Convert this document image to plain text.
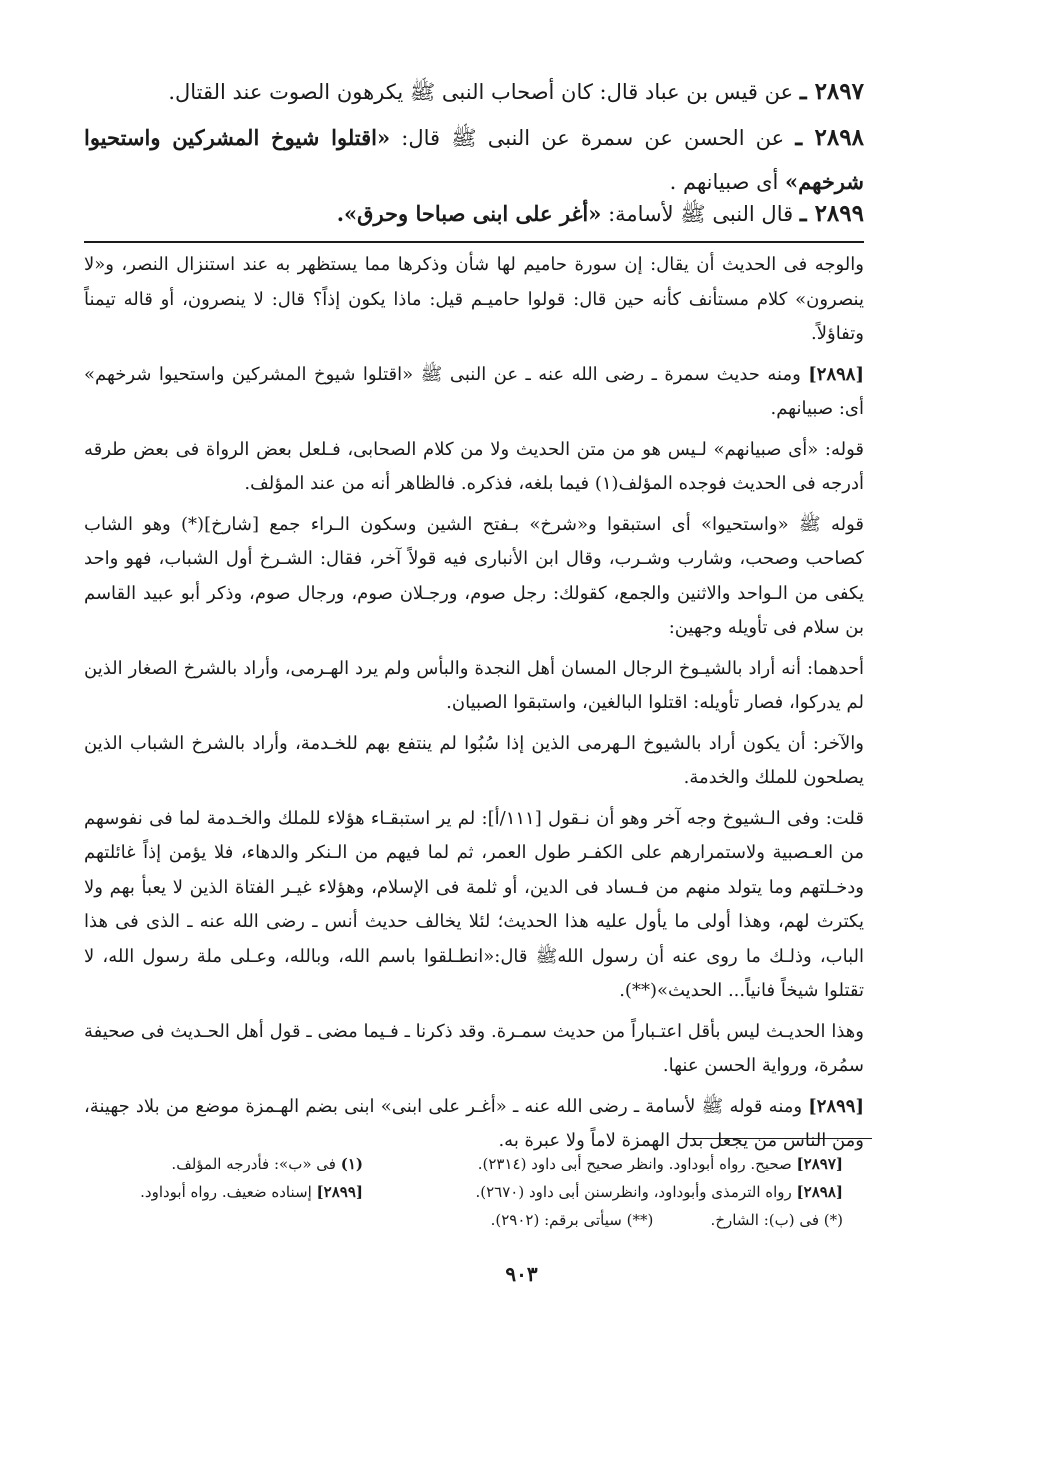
٢٨٩٧ ـ عن قيس بن عباد قال: كان أصحاب النبى ﷺ يكرهون الصوت عند القتال.
٢٨٩٨ ـ عن الحسن عن سمرة عن النبى ﷺ قال: «اقتلوا شيوخ المشركين واستحيوا شرخهم» أى صبيانهم .
٢٨٩٩ ـ قال النبى ﷺ لأسامة: «أغر على ابنى صباحا وحرق».

والوجه فى الحديث أن يقال: إن سورة حاميم لها شأن وذكرها مما يستظهر به عند استنزال النصر، و«لا ينصرون» كلام مستأنف كأنه حين قال: قولوا حاميـم قيل: ماذا يكون إذاً؟ قال: لا ينصرون، أو قاله تيمناً وتفاؤلاً.

[٢٨٩٨] ومنه حديث سمرة ـ رضى الله عنه ـ عن النبى ﷺ «اقتلوا شيوخ المشركين واستحيوا شرخهم» أى: صبيانهم.

قوله: «أى صبيانهم» لـيس هو من متن الحديث ولا من كلام الصحابى، فـلعل بعض الرواة فى بعض طرقه أدرجه فى الحديث فوجده المؤلف(١) فيما بلغه، فذكره. فالظاهر أنه من عند المؤلف.

قوله ﷺ «واستحيوا» أى استبقوا و«شرخ» بـفتح الشين وسكون الـراء جمع [شارخ](*) وهو الشاب كصاحب وصحب، وشارب وشـرب، وقال ابن الأنبارى فيه قولاً آخر، فقال: الشـرخ أول الشباب، فهو واحد يكفى من الـواحد والاثنين والجمع، كقولك: رجل صوم، ورجـلان صوم، ورجال صوم، وذكر أبو عبيد القاسم بن سلام فى تأويله وجهين:

أحدهما: أنه أراد بالشيـوخ الرجال المسان أهل النجدة والبأس ولم يرد الهـرمى، وأراد بالشرخ الصغار الذين لم يدركوا، فصار تأويله: اقتلوا البالغين، واستبقوا الصبيان.

والآخر: أن يكون أراد بالشيوخ الـهرمى الذين إذا سُبُوا لم ينتفع بهم للخـدمة، وأراد بالشرخ الشباب الذين يصلحون للملك والخدمة.

قلت: وفى الـشيوخ وجه آخر وهو أن نـقول [١١١/أ]: لم ير استبقـاء هؤلاء للملك والخـدمة لما فى نفوسهم من العـصبية ولاستمرارهم على الكفـر طول العمر، ثم لما فيهم من الـنكر والدهاء، فلا يؤمن إذاً غائلتهم ودخـلتهم وما يتولد منهم من فـساد فى الدين، أو ثلمة فى الإسلام، وهؤلاء غيـر الفتاة الذين لا يعبأ بهم ولا يكترث لهم، وهذا أولى ما يأول عليه هذا الحديث؛ لئلا يخالف حديث أنس ـ رضى الله عنه ـ الذى فى هذا الباب، وذلـك ما روى عنه أن رسول اللهﷺ قال:«انطـلقوا باسم الله، وبالله، وعـلى ملة رسول الله، لا تقتلوا شيخاً فانياً... الحديث»(**).

وهذا الحديـث ليس بأقل اعتـباراً من حديث سمـرة. وقد ذكرنا ـ فـيما مضى ـ قول أهل الحـديث فى صحيفة سمُرة، ورواية الحسن عنها.

[٢٨٩٩] ومنه قوله ﷺ لأسامة ـ رضى الله عنه ـ «أغـر على ابنى» ابنى بضم الهـمزة موضع من بلاد جهينة، ومن الناس من يجعل بدل الهمزة لاماً ولا عبرة به.

[٢٨٩٧] صحيح. رواه أبوداود. وانظر صحيح أبى داود (٢٣١٤).
[٢٨٩٨] رواه الترمذى وأبوداود، وانظرسنن أبى داود (٢٦٧٠).
(*) فى (ب): الشارخ.            (**) سيأتى برقم: (٢٩٠٢).
(١) فى «ب»: فأدرجه المؤلف.
[٢٨٩٩] إسناده ضعيف. رواه أبوداود.
٩٠٣
